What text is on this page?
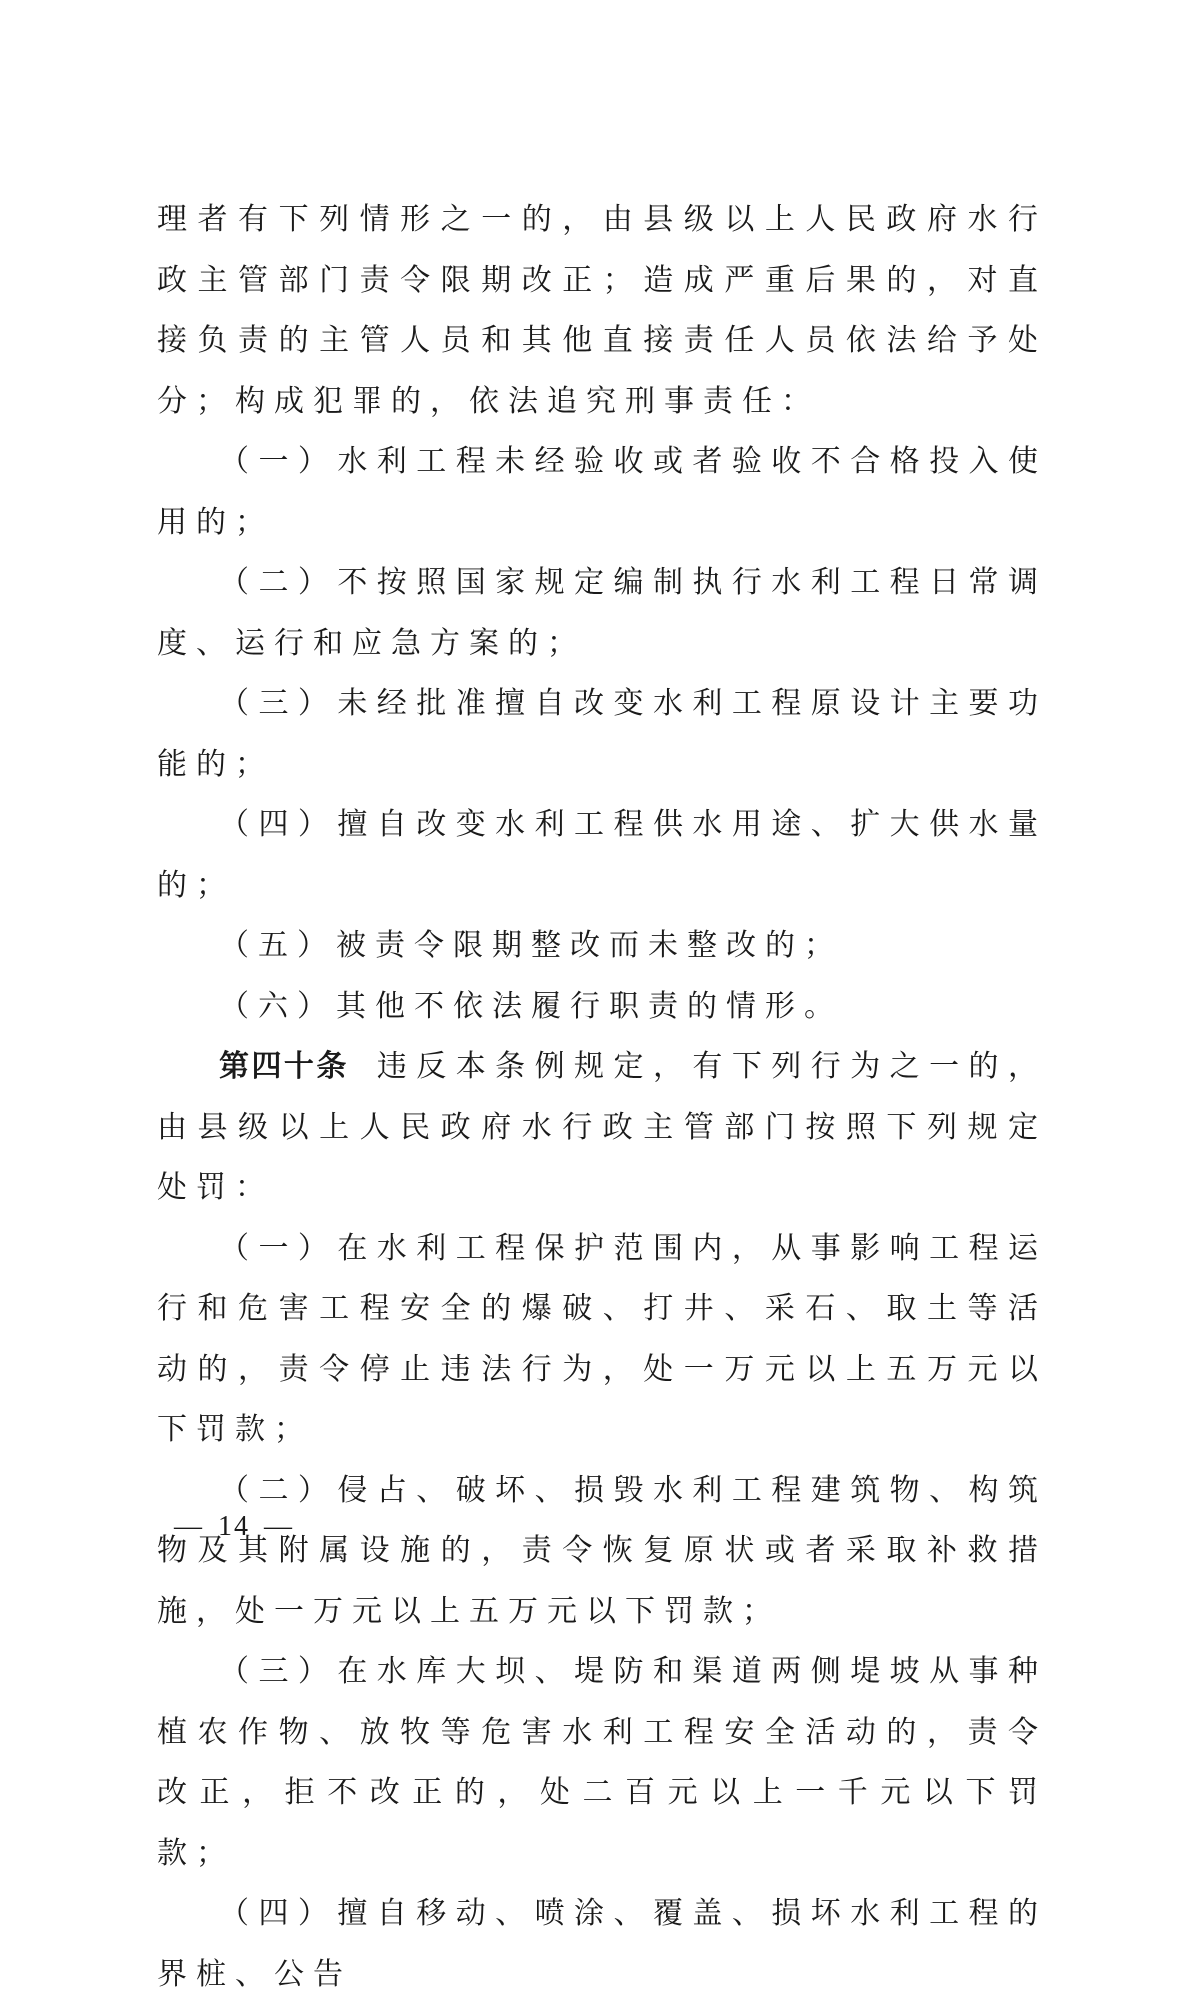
理者有下列情形之一的，由县级以上人民政府水行政主管部门责令限期改正；造成严重后果的，对直接负责的主管人员和其他直接责任人员依法给予处分；构成犯罪的，依法追究刑事责任：

（一）水利工程未经验收或者验收不合格投入使用的；

（二）不按照国家规定编制执行水利工程日常调度、运行和应急方案的；

（三）未经批准擅自改变水利工程原设计主要功能的；

（四）擅自改变水利工程供水用途、扩大供水量的；

（五）被责令限期整改而未整改的；

（六）其他不依法履行职责的情形。

第四十条 违反本条例规定，有下列行为之一的，由县级以上人民政府水行政主管部门按照下列规定处罚：

（一）在水利工程保护范围内，从事影响工程运行和危害工程安全的爆破、打井、采石、取土等活动的，责令停止违法行为，处一万元以上五万元以下罚款；

（二）侵占、破坏、损毁水利工程建筑物、构筑物及其附属设施的，责令恢复原状或者采取补救措施，处一万元以上五万元以下罚款；

（三）在水库大坝、堤防和渠道两侧堤坡从事种植农作物、放牧等危害水利工程安全活动的，责令改正，拒不改正的，处二百元以上一千元以下罚款；

（四）擅自移动、喷涂、覆盖、损坏水利工程的界桩、公告

— 14 —
